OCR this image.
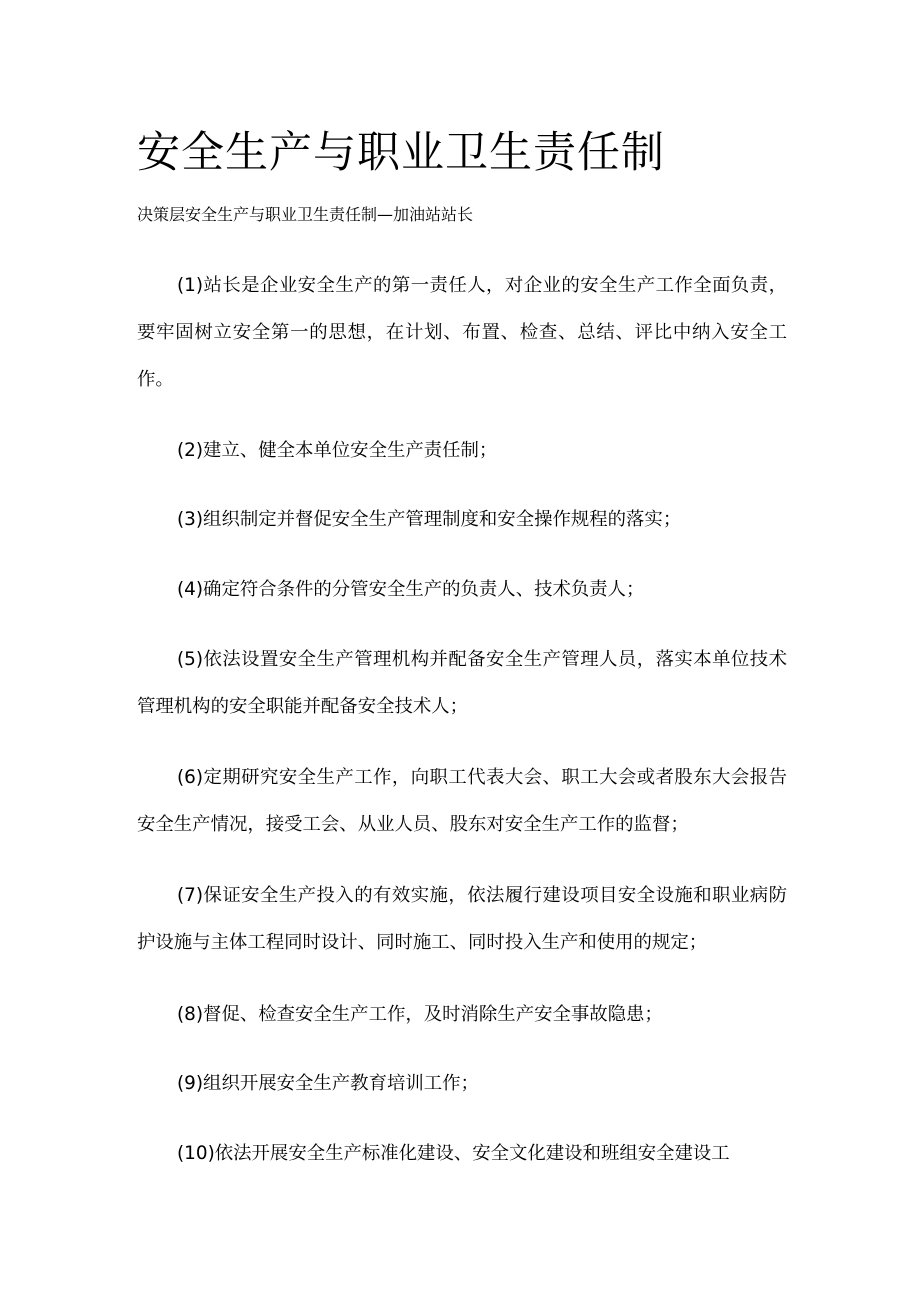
安全生产与职业卫生责任制

决策层安全生产与职业卫生责任制—加油站站长

(1)站长是企业安全生产的第一责任人，对企业的安全生产工作全面负责，要牢固树立安全第一的思想，在计划、布置、检查、总结、评比中纳入安全工作。

(2)建立、健全本单位安全生产责任制；

(3)组织制定并督促安全生产管理制度和安全操作规程的落实；

(4)确定符合条件的分管安全生产的负责人、技术负责人；

(5)依法设置安全生产管理机构并配备安全生产管理人员，落实本单位技术管理机构的安全职能并配备安全技术人；

(6)定期研究安全生产工作，向职工代表大会、职工大会或者股东大会报告安全生产情况，接受工会、从业人员、股东对安全生产工作的监督；

(7)保证安全生产投入的有效实施，依法履行建设项目安全设施和职业病防护设施与主体工程同时设计、同时施工、同时投入生产和使用的规定；

(8)督促、检查安全生产工作，及时消除生产安全事故隐患；

(9)组织开展安全生产教育培训工作；

(10)依法开展安全生产标准化建设、安全文化建设和班组安全建设工
